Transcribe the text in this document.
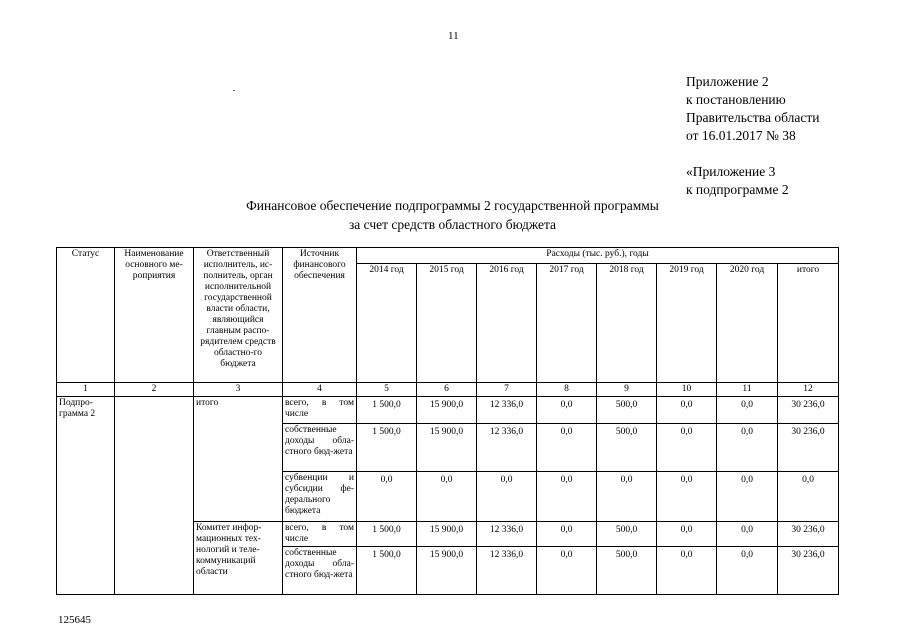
11
Приложение 2
к постановлению
Правительства области
от 16.01.2017 № 38
«Приложение 3
к подпрограмме 2
Финансовое обеспечение подпрограммы 2 государственной программы
за счет средств областного бюджета
Статус	Наименование основного ме-роприятия	Ответственный исполнитель, ис-полнитель, орган исполнительной государственной власти области, являющийся главным распо-рядителем средств областно-го бюджета	Источник финансового обеспечения	Расходы (тыс. руб.), годы							
				2014 год	2015 год	2016 год	2017 год	2018 год	2019 год	2020 год	итого
1	2	3	4	5	6	7	8	9	10	11	12
Подпро-грамма 2		итого	всего, в том числе	1 500,0	15 900,0	12 336,0	0,0	500,0	0,0	0,0	30 236,0
			собственные доходы обла-стного бюд-жета	1 500,0	15 900,0	12 336,0	0,0	500,0	0,0	0,0	30 236,0
			субвенции и субсидии фе-дерального бюджета	0,0	0,0	0,0	0,0	0,0	0,0	0,0	0,0
		Комитет инфор-мационных тех-нологий и теле-коммуникаций области	всего, в том числе	1 500,0	15 900,0	12 336,0	0,0	500,0	0,0	0,0	30 236,0
			собственные доходы обла-стного бюд-жета	1 500,0	15 900,0	12 336,0	0,0	500,0	0,0	0,0	30 236,0
125645
